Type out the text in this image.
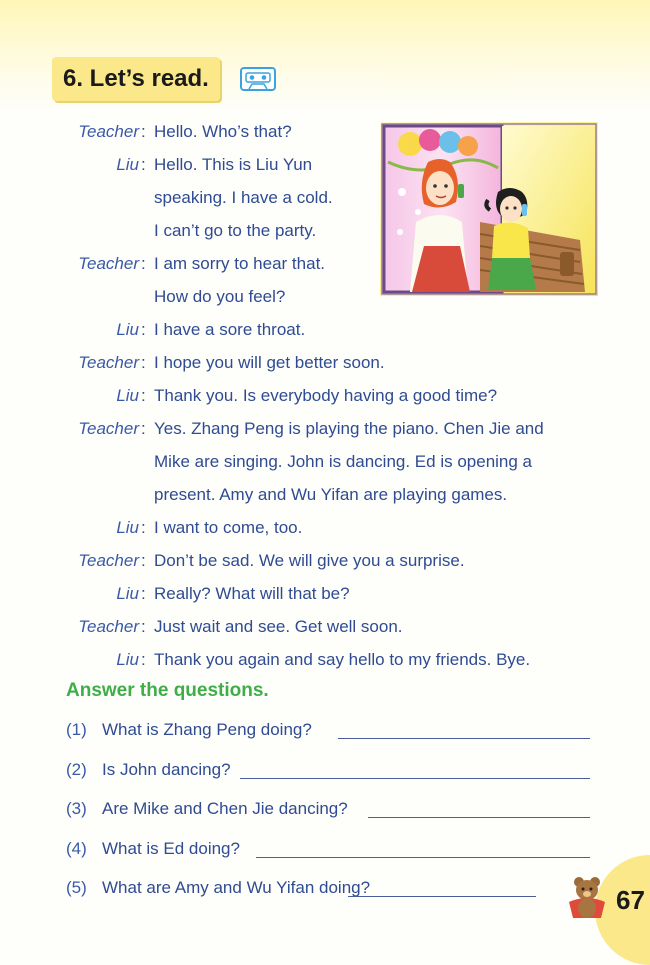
6. Let’s read.
Teacher : Hello. Who’s that?
Liu : Hello. This is Liu Yun
speaking. I have a cold.
I can’t go to the party.
Teacher : I am sorry to hear that.
How do you feel?
Liu : I have a sore throat.
Teacher : I hope you will get better soon.
Liu : Thank you. Is everybody having a good time?
Teacher : Yes. Zhang Peng is playing the piano. Chen Jie and
Mike are singing. John is dancing. Ed is opening a
present. Amy and Wu Yifan are playing games.
Liu : I want to come, too.
Teacher : Don’t be sad. We will give you a surprise.
Liu : Really? What will that be?
Teacher : Just wait and see. Get well soon.
Liu : Thank you again and say hello to my friends. Bye.
Answer the questions.
(1) What is Zhang Peng doing?
(2) Is John dancing?
(3) Are Mike and Chen Jie dancing?
(4) What is Ed doing?
(5) What are Amy and Wu Yifan doing?	67
